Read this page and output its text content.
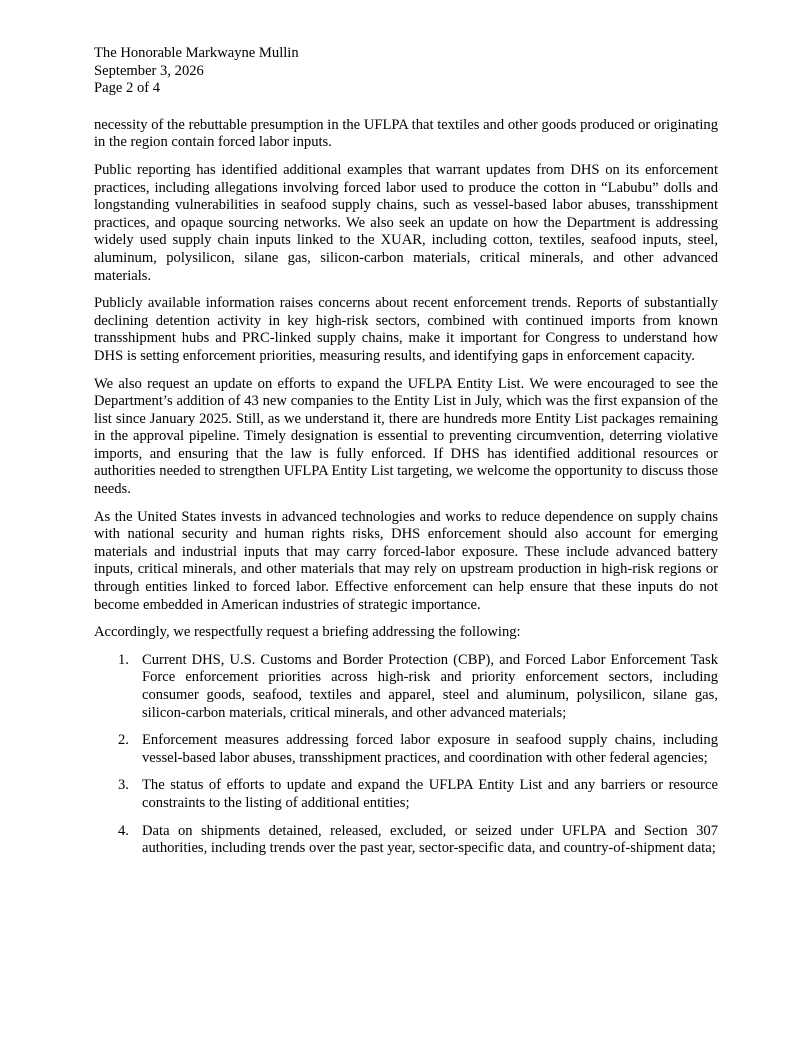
The Honorable Markwayne Mullin
September 3, 2026
Page 2 of 4

necessity of the rebuttable presumption in the UFLPA that textiles and other goods produced or originating in the region contain forced labor inputs.

Public reporting has identified additional examples that warrant updates from DHS on its enforcement practices, including allegations involving forced labor used to produce the cotton in “Labubu” dolls and longstanding vulnerabilities in seafood supply chains, such as vessel-based labor abuses, transshipment practices, and opaque sourcing networks. We also seek an update on how the Department is addressing widely used supply chain inputs linked to the XUAR, including cotton, textiles, seafood inputs, steel, aluminum, polysilicon, silane gas, silicon-carbon materials, critical minerals, and other advanced materials.

Publicly available information raises concerns about recent enforcement trends. Reports of substantially declining detention activity in key high-risk sectors, combined with continued imports from known transshipment hubs and PRC-linked supply chains, make it important for Congress to understand how DHS is setting enforcement priorities, measuring results, and identifying gaps in enforcement capacity.

We also request an update on efforts to expand the UFLPA Entity List. We were encouraged to see the Department’s addition of 43 new companies to the Entity List in July, which was the first expansion of the list since January 2025. Still, as we understand it, there are hundreds more Entity List packages remaining in the approval pipeline. Timely designation is essential to preventing circumvention, deterring violative imports, and ensuring that the law is fully enforced. If DHS has identified additional resources or authorities needed to strengthen UFLPA Entity List targeting, we welcome the opportunity to discuss those needs.

As the United States invests in advanced technologies and works to reduce dependence on supply chains with national security and human rights risks, DHS enforcement should also account for emerging materials and industrial inputs that may carry forced-labor exposure. These include advanced battery inputs, critical minerals, and other materials that may rely on upstream production in high-risk regions or through entities linked to forced labor. Effective enforcement can help ensure that these inputs do not become embedded in American industries of strategic importance.

Accordingly, we respectfully request a briefing addressing the following:

1. Current DHS, U.S. Customs and Border Protection (CBP), and Forced Labor Enforcement Task Force enforcement priorities across high-risk and priority enforcement sectors, including consumer goods, seafood, textiles and apparel, steel and aluminum, polysilicon, silane gas, silicon-carbon materials, critical minerals, and other advanced materials;
2. Enforcement measures addressing forced labor exposure in seafood supply chains, including vessel-based labor abuses, transshipment practices, and coordination with other federal agencies;
3. The status of efforts to update and expand the UFLPA Entity List and any barriers or resource constraints to the listing of additional entities;
4. Data on shipments detained, released, excluded, or seized under UFLPA and Section 307 authorities, including trends over the past year, sector-specific data, and country-of-shipment data;
